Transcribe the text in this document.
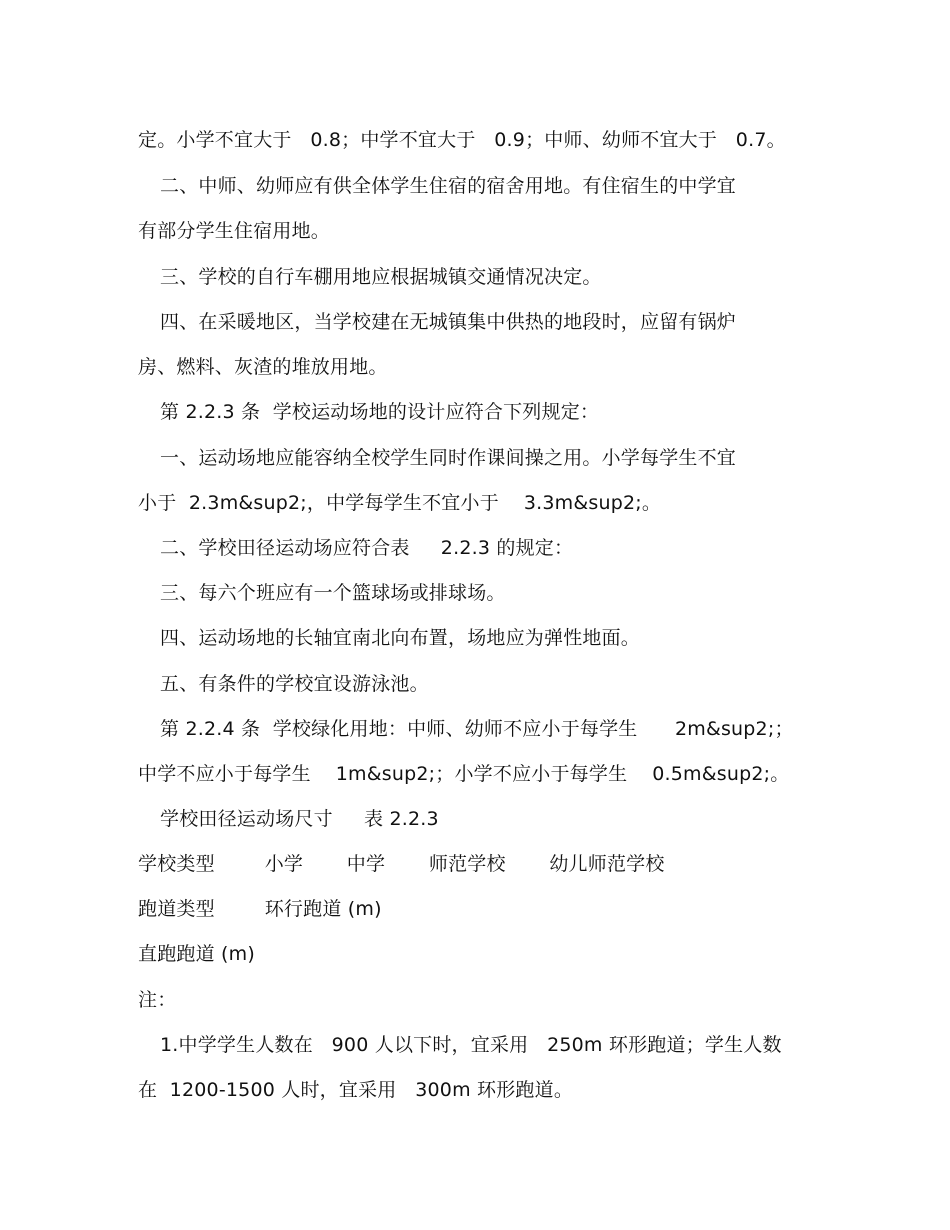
定。小学不宜大于   0.8；中学不宜大于   0.9；中师、幼师不宜大于   0.7。
二、中师、幼师应有供全体学生住宿的宿舍用地。有住宿生的中学宜
有部分学生住宿用地。
三、学校的自行车棚用地应根据城镇交通情况决定。
四、在采暖地区，当学校建在无城镇集中供热的地段时，应留有锅炉
房、燃料、灰渣的堆放用地。
第 2.2.3 条  学校运动场地的设计应符合下列规定：
一、运动场地应能容纳全校学生同时作课间操之用。小学每学生不宜
小于  2.3m&sup2;，中学每学生不宜小于    3.3m&sup2;。
二、学校田径运动场应符合表     2.2.3 的规定：
三、每六个班应有一个篮球场或排球场。
四、运动场地的长轴宜南北向布置，场地应为弹性地面。
五、有条件的学校宜设游泳池。
第 2.2.4 条  学校绿化用地：中师、幼师不应小于每学生      2m&sup2;；
中学不应小于每学生    1m&sup2;；小学不应小于每学生    0.5m&sup2;。
学校田径运动场尺寸     表 2.2.3
学校类型        小学       中学       师范学校       幼儿师范学校
跑道类型        环行跑道 (m)
直跑跑道 (m)
注：
1.中学学生人数在   900 人以下时，宜采用   250m 环形跑道；学生人数
在  1200-1500 人时，宜采用   300m 环形跑道。
